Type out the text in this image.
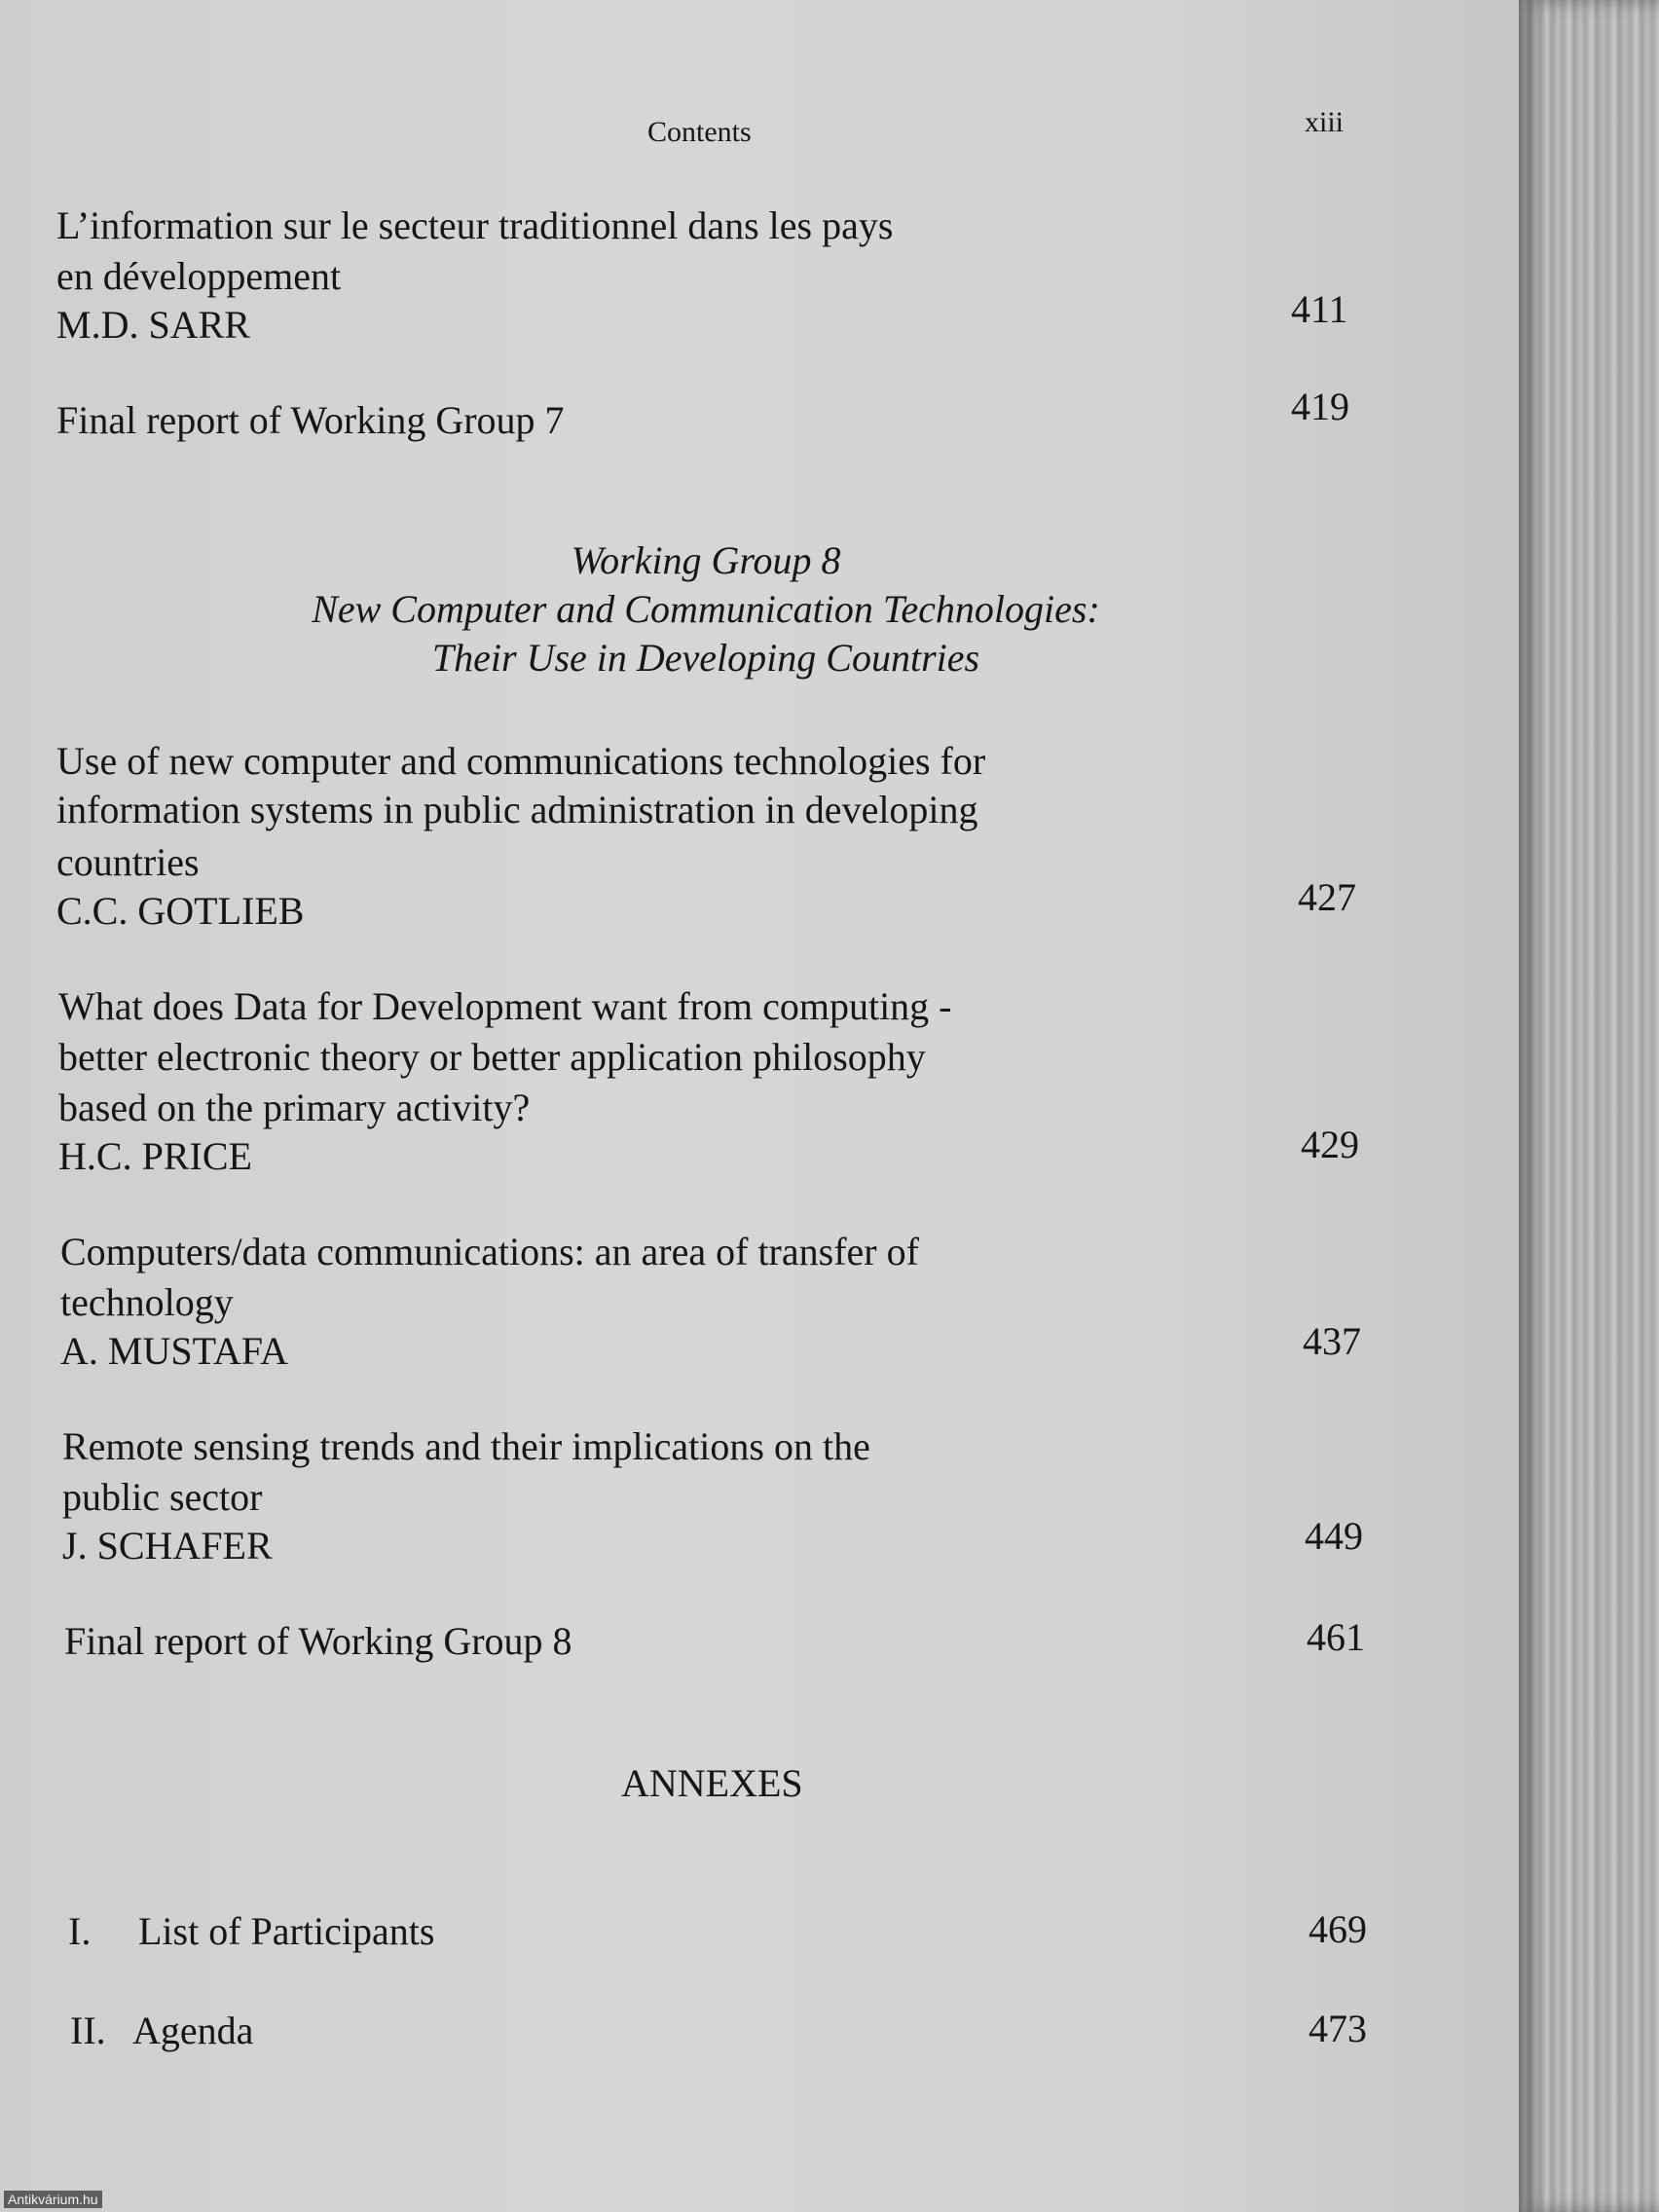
Contents	xiii
L’information sur le secteur traditionnel dans les pays
en développement
M.D. SARR	411
Final report of Working Group 7	419
Working Group 8
New Computer and Communication Technologies:
Their Use in Developing Countries
Use of new computer and communications technologies for
information systems in public administration in developing
countries
C.C. GOTLIEB	427
What does Data for Development want from computing -
better electronic theory or better application philosophy
based on the primary activity?
H.C. PRICE	429
Computers/data communications: an area of transfer of
technology
A. MUSTAFA	437
Remote sensing trends and their implications on the
public sector
J. SCHAFER	449
Final report of Working Group 8	461
ANNEXES
I. List of Participants	469
II. Agenda	473
Antikvárium.hu
